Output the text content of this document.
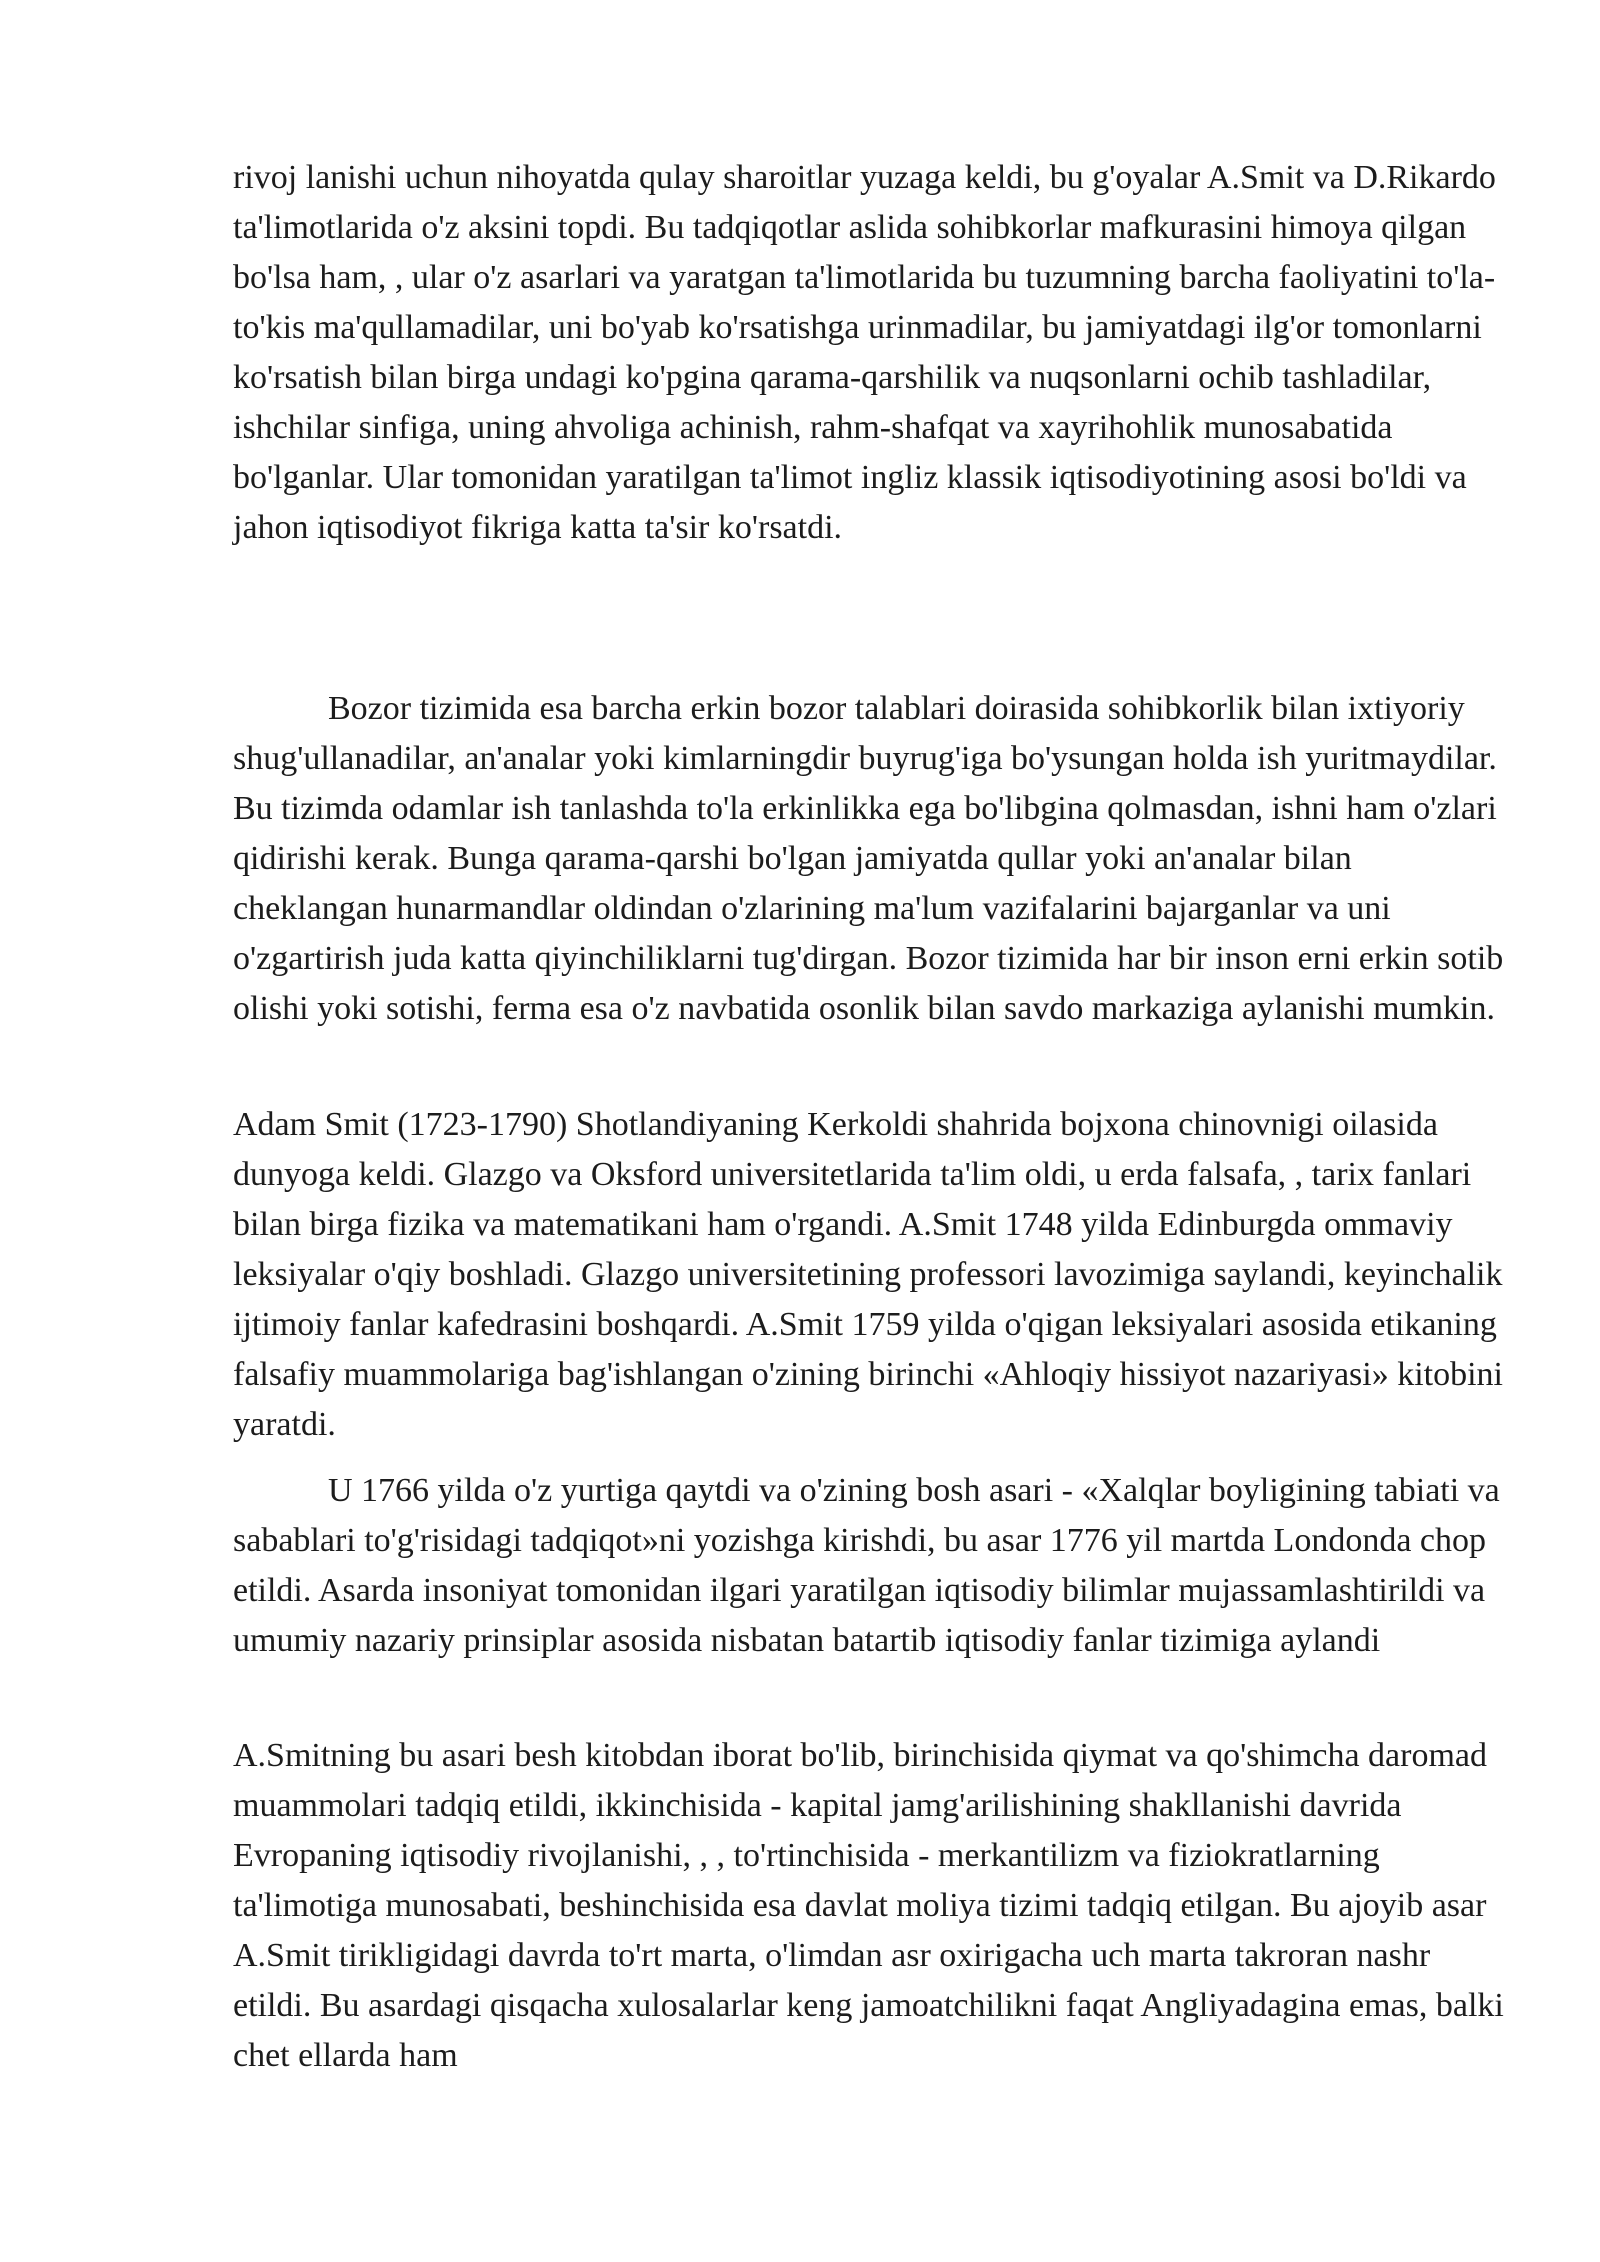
rivoj lanishi uchun nihoyatda qulay sharoitlar yuzaga keldi, bu g'oyalar A.Smit va D.Rikardo ta'limotlarida o'z aksini topdi. Bu tadqiqotlar aslida sohibkorlar mafkurasini himoya qilgan bo'lsa ham, , ular o'z asarlari va yaratgan ta'limotlarida bu tuzumning barcha faoliyatini to'la-to'kis ma'qullamadilar, uni bo'yab ko'rsatishga urinmadilar, bu jamiyatdagi ilg'or tomonlarni ko'rsatish bilan birga undagi ko'pgina qarama-qarshilik va nuqsonlarni ochib tashladilar, ishchilar sinfiga, uning ahvoliga achinish, rahm-shafqat va xayrihohlik munosabatida bo'lganlar. Ular tomonidan yaratilgan ta'limot ingliz klassik iqtisodiyotining asosi bo'ldi va jahon iqtisodiyot fikriga katta ta'sir ko'rsatdi.

Bozor tizimida esa barcha erkin bozor talablari doirasida sohibkorlik bilan ixtiyoriy shug'ullanadilar, an'analar yoki kimlarningdir buyrug'iga bo'ysungan holda ish yuritmaydilar. Bu tizimda odamlar ish tanlashda to'la erkinlikka ega bo'libgina qolmasdan, ishni ham o'zlari qidirishi kerak. Bunga qarama-qarshi bo'lgan jamiyatda qullar yoki an'analar bilan cheklangan hunarmandlar oldindan o'zlarining ma'lum vazifalarini bajarganlar va uni o'zgartirish juda katta qiyinchiliklarni tug'dirgan. Bozor tizimida har bir inson erni erkin sotib olishi yoki sotishi, ferma esa o'z navbatida osonlik bilan savdo markaziga aylanishi mumkin.

Adam Smit (1723-1790) Shotlandiyaning Kerkoldi shahrida bojxona chinovnigi oilasida dunyoga keldi. Glazgo va Oksford universitetlarida ta'lim oldi, u erda falsafa, , tarix fanlari bilan birga fizika va matematikani ham o'rgandi. A.Smit 1748 yilda Edinburgda ommaviy leksiyalar o'qiy boshladi. Glazgo universitetining professori lavozimiga saylandi, keyinchalik ijtimoiy fanlar kafedrasini boshqardi. A.Smit 1759 yilda o'qigan leksiyalari asosida etikaning falsafiy muammolariga bag'ishlangan o'zining birinchi «Ahloqiy hissiyot nazariyasi» kitobini yaratdi.

U 1766 yilda o'z yurtiga qaytdi va o'zining bosh asari - «Xalqlar boyligining tabiati va sabablari to'g'risidagi tadqiqot»ni yozishga kirishdi, bu asar 1776 yil martda Londonda chop etildi. Asarda insoniyat tomonidan ilgari yaratilgan iqtisodiy bilimlar mujassamlashtirildi va umumiy nazariy prinsiplar asosida nisbatan batartib iqtisodiy fanlar tizimiga aylandi

A.Smitning bu asari besh kitobdan iborat bo'lib, birinchisida qiymat va qo'shimcha daromad muammolari tadqiq etildi, ikkinchisida - kapital jamg'arilishining shakllanishi davrida Evropaning iqtisodiy rivojlanishi, , , to'rtinchisida - merkantilizm va fiziokratlarning ta'limotiga munosabati, beshinchisida esa davlat moliya tizimi tadqiq etilgan. Bu ajoyib asar A.Smit tirikligidagi davrda to'rt marta, o'limdan asr oxirigacha uch marta takroran nashr etildi. Bu asardagi qisqacha xulosalarlar keng jamoatchilikni faqat Angliyadagina emas, balki chet ellarda ham
